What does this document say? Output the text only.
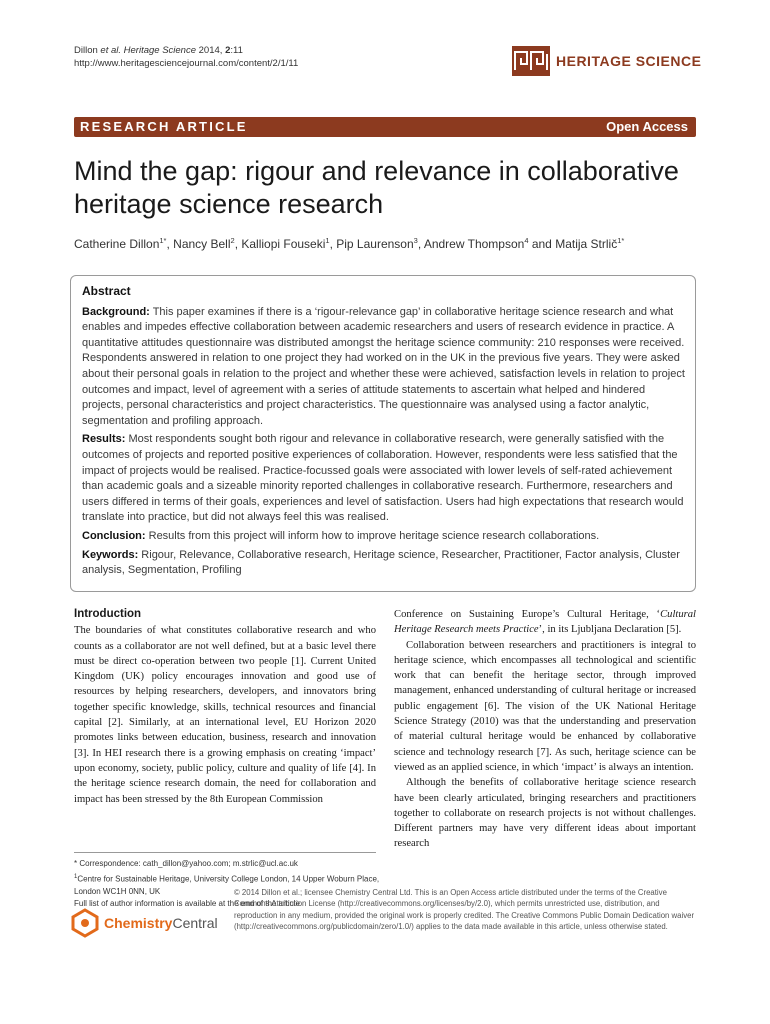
Dillon et al. Heritage Science 2014, 2:11
http://www.heritagesciencejournal.com/content/2/1/11	HERITAGE SCIENCE
RESEARCH ARTICLE	Open Access
Mind the gap: rigour and relevance in collaborative heritage science research
Catherine Dillon$^{1*}$, Nancy Bell$^2$, Kalliopi Fouseki$^1$, Pip Laurenson$^3$, Andrew Thompson$^4$ and Matija Strlič$^{1*}$
Abstract

Background: This paper examines if there is a ‘rigour-relevance gap’ in collaborative heritage science research and what enables and impedes effective collaboration between academic researchers and users of research evidence in practice. A quantitative attitudes questionnaire was distributed amongst the heritage science community: 210 responses were received. Respondents answered in relation to one project they had worked on in the UK in the previous five years. They were asked about their personal goals in relation to the project and whether these were achieved, satisfaction levels in relation to project outcomes and impact, level of agreement with a series of attitude statements to ascertain what helped and hindered projects, personal characteristics and project characteristics. The questionnaire was analysed using a factor analytic, segmentation and profiling approach.

Results: Most respondents sought both rigour and relevance in collaborative research, were generally satisfied with the outcomes of projects and reported positive experiences of collaboration. However, respondents were less satisfied that the impact of projects would be realised. Practice-focussed goals were associated with lower levels of self-rated achievement than academic goals and a sizeable minority reported challenges in collaborative research. Furthermore, researchers and users differed in terms of their goals, experiences and level of satisfaction. Users had high expectations that research would translate into practice, but did not always feel this was realised.

Conclusion: Results from this project will inform how to improve heritage science research collaborations.

Keywords: Rigour, Relevance, Collaborative research, Heritage science, Researcher, Practitioner, Factor analysis, Cluster analysis, Segmentation, Profiling

Introduction

The boundaries of what constitutes collaborative research and who counts as a collaborator are not well defined, but at a basic level there must be direct co-operation between two people [1]. Current United Kingdom (UK) policy encourages innovation and good use of resources by helping researchers, developers, and innovators bring together specific knowledge, skills, technical resources and financial capital [2]. Similarly, at an international level, EU Horizon 2020 promotes links between education, business, research and innovation [3]. In HEI research there is a growing emphasis on creating ‘impact’ upon economy, society, public policy, culture and quality of life [4]. In the heritage science research domain, the need for collaboration and impact has been stressed by the 8th European Commission

* Correspondence: cath_dillon@yahoo.com; m.strlic@ucl.ac.uk

$^1$Centre for Sustainable Heritage, University College London, 14 Upper Woburn Place, London WC1H 0NN, UK

Full list of author information is available at the end of the article

Conference on Sustaining Europe’s Cultural Heritage, ‘Cultural Heritage Research meets Practice’, in its Ljubljana Declaration [5].

Collaboration between researchers and practitioners is integral to heritage science, which encompasses all technological and scientific work that can benefit the heritage sector, through improved management, enhanced understanding of cultural heritage or increased public engagement [6]. The vision of the UK National Heritage Science Strategy (2010) was that the understanding and preservation of material cultural heritage would be enhanced by collaborative science and technology research [7]. As such, heritage science can be viewed as an applied science, in which ‘impact’ is always an intention.

Although the benefits of collaborative heritage science research have been clearly articulated, bringing researchers and practitioners together to collaborate on research projects is not without challenges. Different partners may have very different ideas about important research

ChemistryCentral
© 2014 Dillon et al.; licensee Chemistry Central Ltd. This is an Open Access article distributed under the terms of the Creative Commons Attribution License (http://creativecommons.org/licenses/by/2.0), which permits unrestricted use, distribution, and reproduction in any medium, provided the original work is properly credited. The Creative Commons Public Domain Dedication waiver (http://creativecommons.org/publicdomain/zero/1.0/) applies to the data made available in this article, unless otherwise stated.
